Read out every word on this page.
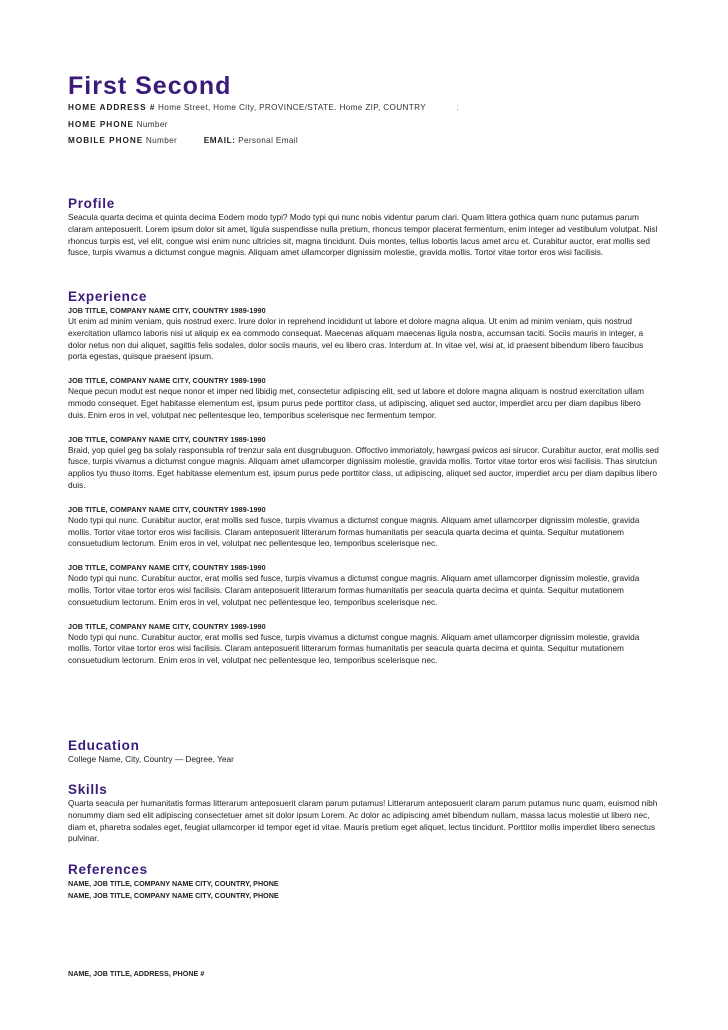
First Second
HOME ADDRESS # Home Street, Home City, PROVINCE/STATE. Home ZIP, COUNTRY	:
HOME PHONE Number
MOBILE PHONE Number	EMAIL: Personal Email
Profile

Seacula quarta decima et quinta decima Eodem modo typi? Modo typi qui nunc nobis videntur parum clari. Quam littera gothica quam nunc putamus parum claram anteposuerit. Lorem ipsum dolor sit amet, ligula suspendisse nulla pretium, rhoncus tempor placerat fermentum, enim integer ad vestibulum volutpat. Nisl rhoncus turpis est, vel elit, congue wisi enim nunc ultricies sit, magna tincidunt. Duis montes, tellus lobortis lacus amet arcu et. Curabitur auctor, erat mollis sed fusce, turpis vivamus a dictumst congue magnis. Aliquam amet ullamcorper dignissim molestie, gravida mollis. Tortor vitae tortor eros wisi facilisis.

Experience
JOB TITLE, COMPANY NAME CITY, COUNTRY 1989-1990

Ut enim ad minim veniam, quis nostrud exerc. Irure dolor in reprehend incididunt ut labore et dolore magna aliqua. Ut enim ad minim veniam, quis nostrud exercitation ullamco laboris nisi ut aliquip ex ea commodo consequat. Maecenas aliquam maecenas ligula nostra, accumsan taciti. Sociis mauris in integer, a dolor netus non dui aliquet, sagittis felis sodales, dolor sociis mauris, vel eu libero cras. Interdum at. In vitae vel, wisi at, id praesent bibendum libero faucibus porta egestas, quisque praesent ipsum.

JOB TITLE, COMPANY NAME CITY, COUNTRY 1989-1990

Neque pecun modut est neque nonor et imper ned libidig met, consectetur adipiscing elit, sed ut labore et dolore magna aliquam is nostrud exercitation ullam mmodo consequet. Eget habitasse elementum est, ipsum purus pede porttitor class, ut adipiscing, aliquet sed auctor, imperdiet arcu per diam dapibus libero duis. Enim eros in vel, volutpat nec pellentesque leo, temporibus scelerisque nec fermentum tempor.

JOB TITLE, COMPANY NAME CITY, COUNTRY 1989-1990

Braid, yop quiel geg ba solaly rasponsubla rof trenzur sala ent dusgrubuguon. Offoctivo immoriatoly, hawrgasi pwicos asi sirucor. Curabitur auctor, erat mollis sed fusce, turpis vivamus a dictumst congue magnis. Aliquam amet ullamcorper dignissim molestie, gravida mollis. Tortor vitae tortor eros wisi facilisis. Thas sirutciun applios tyu thuso itoms. Eget habitasse elementum est, ipsum purus pede porttitor class, ut adipiscing, aliquet sed auctor, imperdiet arcu per diam dapibus libero duis.

JOB TITLE, COMPANY NAME CITY, COUNTRY 1989-1990

Nodo typi qui nunc. Curabitur auctor, erat mollis sed fusce, turpis vivamus a dictumst congue magnis. Aliquam amet ullamcorper dignissim molestie, gravida mollis. Tortor vitae tortor eros wisi facilisis. Claram anteposuerit litterarum formas humanitatis per seacula quarta decima et quinta. Sequitur mutationem consuetudium lectorum. Enim eros in vel, volutpat nec pellentesque leo, temporibus scelerisque nec.

JOB TITLE, COMPANY NAME CITY, COUNTRY 1989-1990

Nodo typi qui nunc. Curabitur auctor, erat mollis sed fusce, turpis vivamus a dictumst congue magnis. Aliquam amet ullamcorper dignissim molestie, gravida mollis. Tortor vitae tortor eros wisi facilisis. Claram anteposuerit litterarum formas humanitatis per seacula quarta decima et quinta. Sequitur mutationem consuetudium lectorum. Enim eros in vel, volutpat nec pellentesque leo, temporibus scelerisque nec.

JOB TITLE, COMPANY NAME CITY, COUNTRY 1989-1990

Nodo typi qui nunc. Curabitur auctor, erat mollis sed fusce, turpis vivamus a dictumst congue magnis. Aliquam amet ullamcorper dignissim molestie, gravida mollis. Tortor vitae tortor eros wisi facilisis. Claram anteposuerit litterarum formas humanitatis per seacula quarta decima et quinta. Sequitur mutationem consuetudium lectorum. Enim eros in vel, volutpat nec pellentesque leo, temporibus scelerisque nec.

Education

College Name, City, Country — Degree, Year

Skills

Quarta seacula per humanitatis formas litterarum anteposuerit claram parum putamus! Litterarum anteposuerit claram parum putamus nunc quam, euismod nibh nonummy diam sed elit adipiscing consectetuer amet sit dolor ipsum Lorem. Ac dolor ac adipiscing amet bibendum nullam, massa lacus molestie ut libero nec, diam et, pharetra sodales eget, feugiat ullamcorper id tempor eget id vitae. Mauris pretium eget aliquet, lectus tincidunt. Porttitor mollis imperdiet libero senectus pulvinar.

References
NAME, JOB TITLE, COMPANY NAME CITY, COUNTRY, PHONE
NAME, JOB TITLE, COMPANY NAME CITY, COUNTRY, PHONE
NAME, JOB TITLE, ADDRESS, PHONE #
